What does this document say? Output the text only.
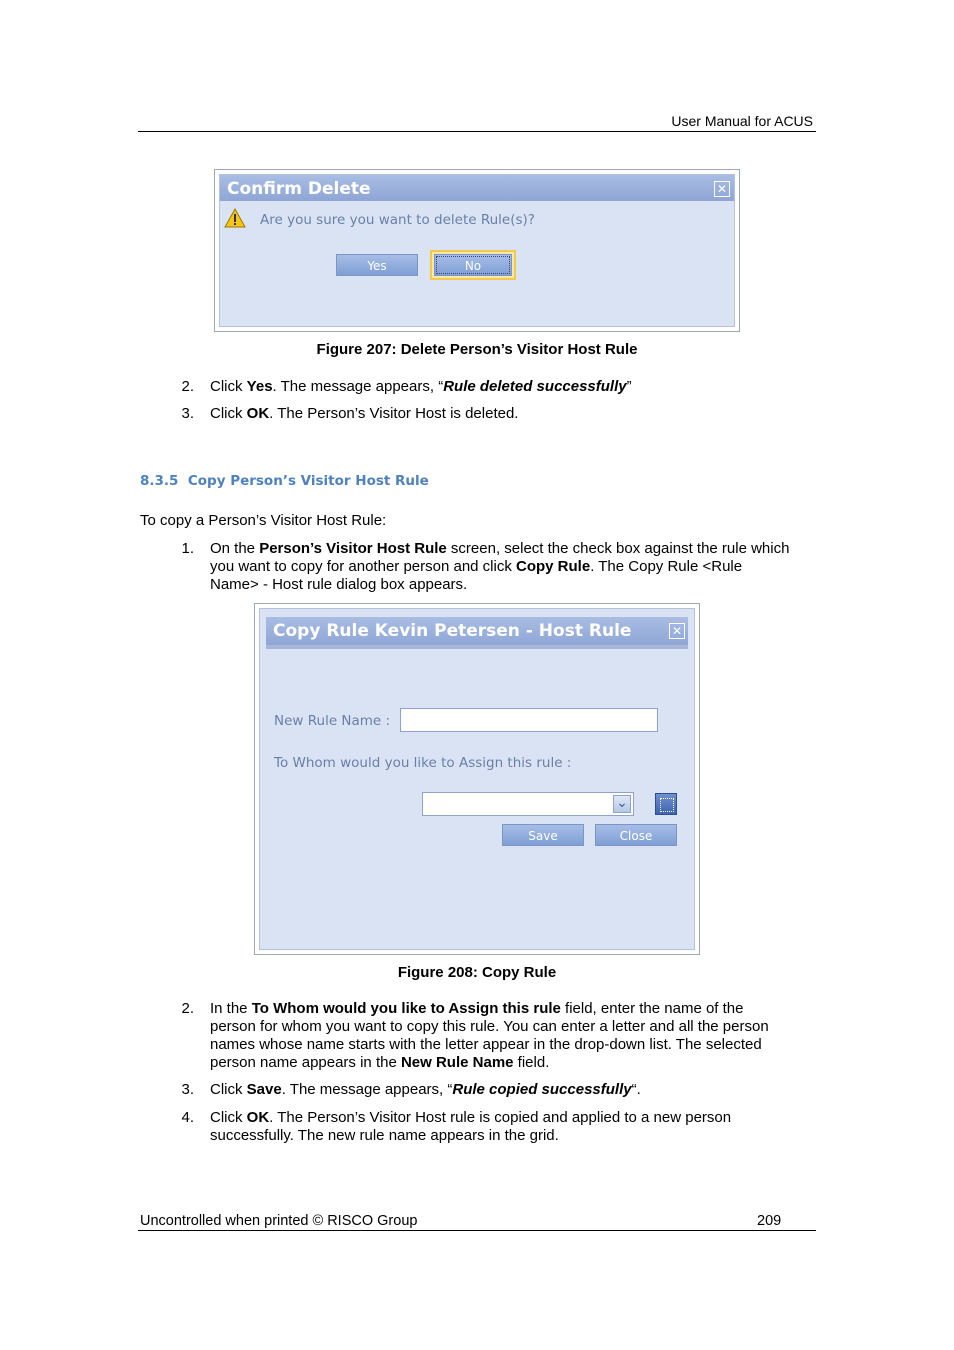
User Manual for ACUS
Confirm Delete	✕
Are you sure you want to delete Rule(s)?
Yes	No
Figure 207: Delete Person’s Visitor Host Rule
2. Click Yes. The message appears, “Rule deleted successfully”
3. Click OK. The Person’s Visitor Host is deleted.
8.3.5 Copy Person’s Visitor Host Rule
To copy a Person’s Visitor Host Rule:
1. On the Person’s Visitor Host Rule screen, select the check box against the rule which
you want to copy for another person and click Copy Rule. The Copy Rule <Rule
Name> - Host rule dialog box appears.
Copy Rule Kevin Petersen - Host Rule	✕
New Rule Name :
To Whom would you like to Assign this rule :
⌄
Save	Close
Figure 208: Copy Rule
2. In the To Whom would you like to Assign this rule field, enter the name of the
person for whom you want to copy this rule. You can enter a letter and all the person
names whose name starts with the letter appear in the drop-down list. The selected
person name appears in the New Rule Name field.
3. Click Save. The message appears, “Rule copied successfully“.
4. Click OK. The Person’s Visitor Host rule is copied and applied to a new person
successfully. The new rule name appears in the grid.
Uncontrolled when printed © RISCO Group	209
